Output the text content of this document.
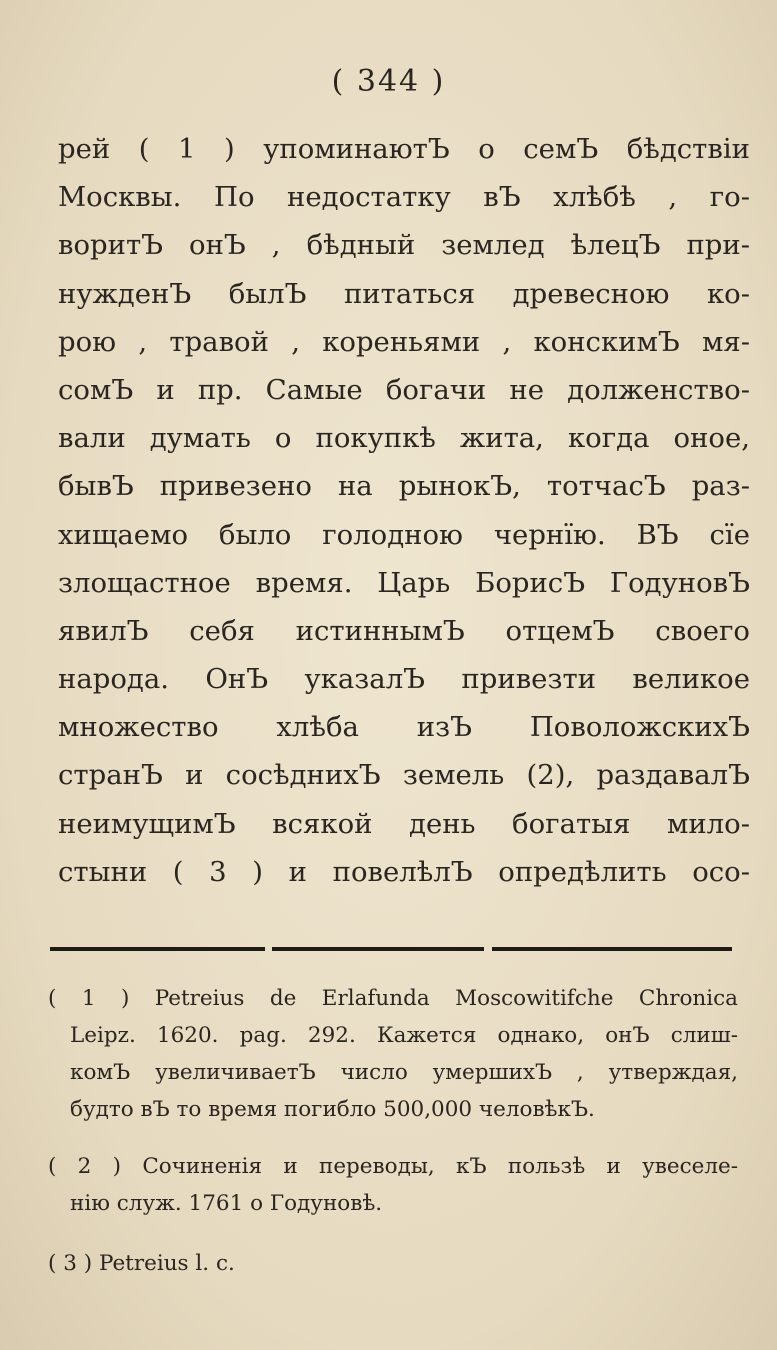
( 344 )
рей ( 1 ) упоминаютЪ о семЪ бѣдствіи
Москвы. По недостатку вЪ хлѣбѣ , го-
воритЪ онЪ , бѣдный землед ѣлецЪ при-
нужденЪ былЪ питаться древесною ко-
рою , травой , кореньями , конскимЪ мя-
сомЪ и пр. Самые богачи не долженство-
вали думать о покупкѣ жита, когда оное,
бывЪ привезено на рынокЪ, тотчасЪ раз-
хищаемо было голодною чернїю. ВЪ сїе
злощастное время. Царь БорисЪ ГодуновЪ
явилЪ себя истиннымЪ отцемЪ своего
народа. ОнЪ указалЪ привезти великое
множество хлѣба изЪ ПоволожскихЪ
странЪ и сосѣднихЪ земель (2), раздавалЪ
неимущимЪ всякой день богатыя мило-
стыни ( 3 ) и повелѣлЪ опредѣлить осо-
( 1 ) Petreius de Erlafunda Moscowitifche Chronica
Leipz. 1620. pag. 292. Кажется однако, онЪ слиш-
комЪ увеличиваетЪ число умершихЪ , утверждая,
будто вЪ то время погибло 500,000 человѣкЪ.
( 2 ) Сочиненія и переводы, кЪ пользѣ и увеселе-
нію служ. 1761 о Годуновѣ.
( 3 ) Petreius l. c.
